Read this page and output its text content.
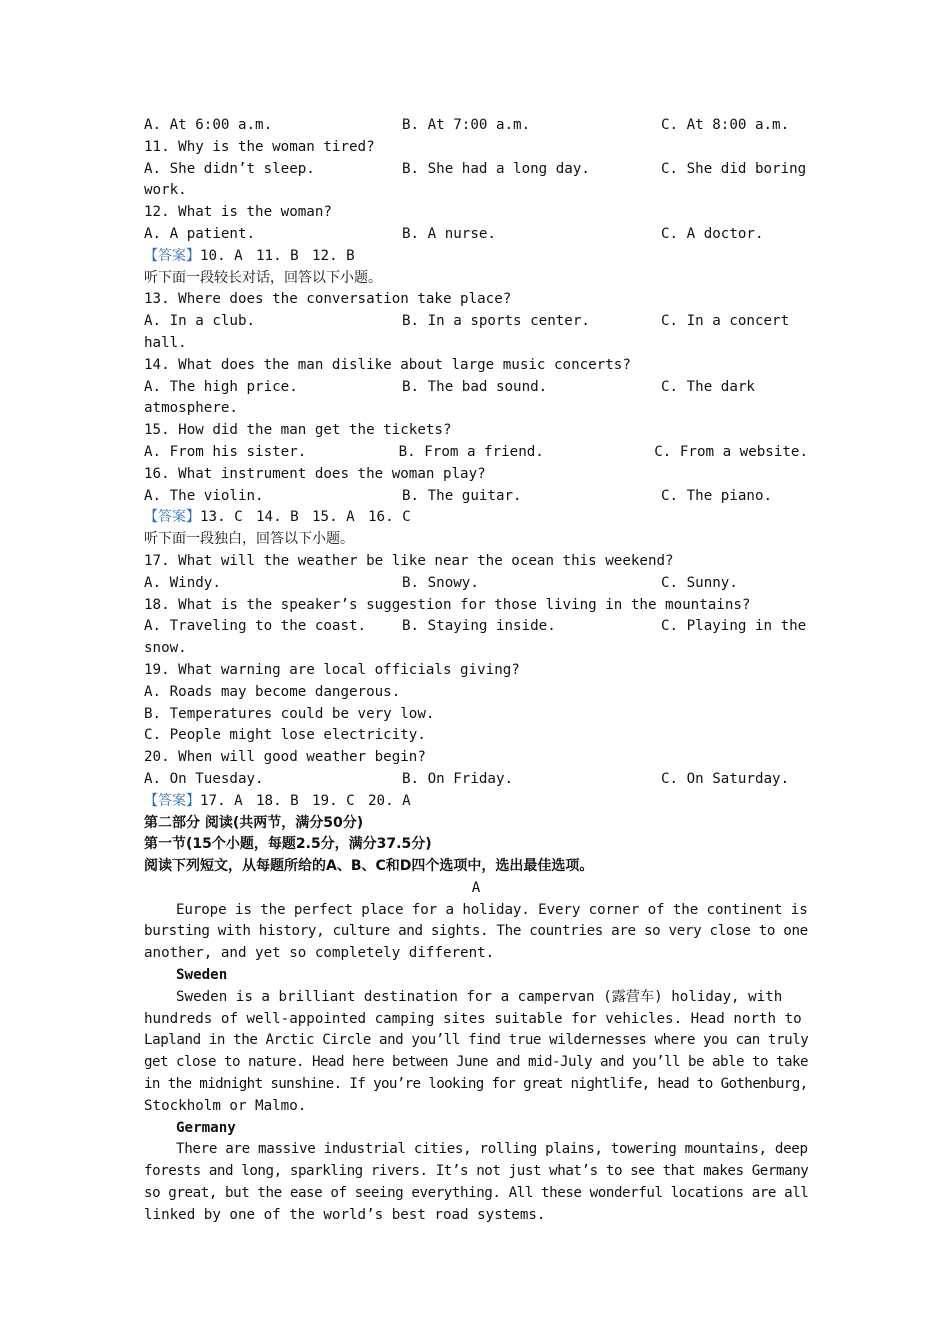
A. At 6:00 a.m.	B. At 7:00 a.m.	C. At 8:00 a.m.
11. Why is the woman tired?
A. She didn’t sleep.	B. She had a long day.	C. She did boring
work.
12. What is the woman?
A. A patient.	B. A nurse.	C. A doctor.
【答案】 10. A 11. B 12. B
听下面一段较长对话，回答以下小题。
13. Where does the conversation take place?
A. In a club.	B. In a sports center.	C. In a concert
hall.
14. What does the man dislike about large music concerts?
A. The high price.	B. The bad sound.	C. The dark
atmosphere.
15. How did the man get the tickets?
A. From his sister.	B. From a friend.	C. From a website.
16. What instrument does the woman play?
A. The violin.	B. The guitar.	C. The piano.
【答案】 13. C 14. B 15. A 16. C
听下面一段独白，回答以下小题。
17. What will the weather be like near the ocean this weekend?
A. Windy.	B. Snowy.	C. Sunny.
18. What is the speaker’s suggestion for those living in the mountains?
A. Traveling to the coast.	B. Staying inside.	C. Playing in the
snow.
19. What warning are local officials giving?
A. Roads may become dangerous.
B. Temperatures could be very low.
C. People might lose electricity.
20. When will good weather begin?
A. On Tuesday.	B. On Friday.	C. On Saturday.
【答案】 17. A 18. B 19. C 20. A
第二部分 阅读(共两节，满分50分)
第一节(15个小题，每题2.5分，满分37.5分)
阅读下列短文，从每题所给的A、B、C和D四个选项中，选出最佳选项。
A
Europe is the perfect place for a holiday. Every corner of the continent is
bursting with history, culture and sights. The countries are so very close to one
another, and yet so completely different.
Sweden
Sweden is a brilliant destination for a campervan (露营车) holiday, with
hundreds of well-appointed camping sites suitable for vehicles. Head north to
Lapland in the Arctic Circle and you’ll find true wildernesses where you can truly
get close to nature. Head here between June and mid-July and you’ll be able to take
in the midnight sunshine. If you’re looking for great nightlife, head to Gothenburg,
Stockholm or Malmo.
Germany
There are massive industrial cities, rolling plains, towering mountains, deep
forests and long, sparkling rivers. It’s not just what’s to see that makes Germany
so great, but the ease of seeing everything. All these wonderful locations are all
linked by one of the world’s best road systems.
